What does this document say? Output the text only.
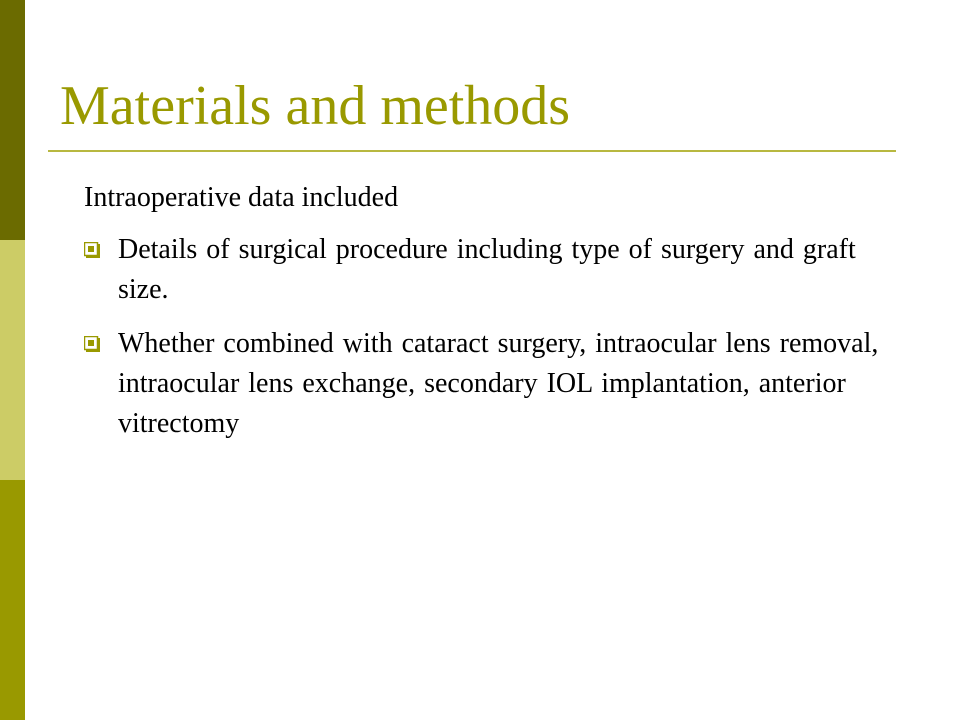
Materials and methods

Intraoperative data included

Details of surgical procedure including type of surgery and graft size.
Whether combined with cataract surgery, intraocular lens removal, intraocular lens exchange, secondary IOL implantation, anterior vitrectomy
